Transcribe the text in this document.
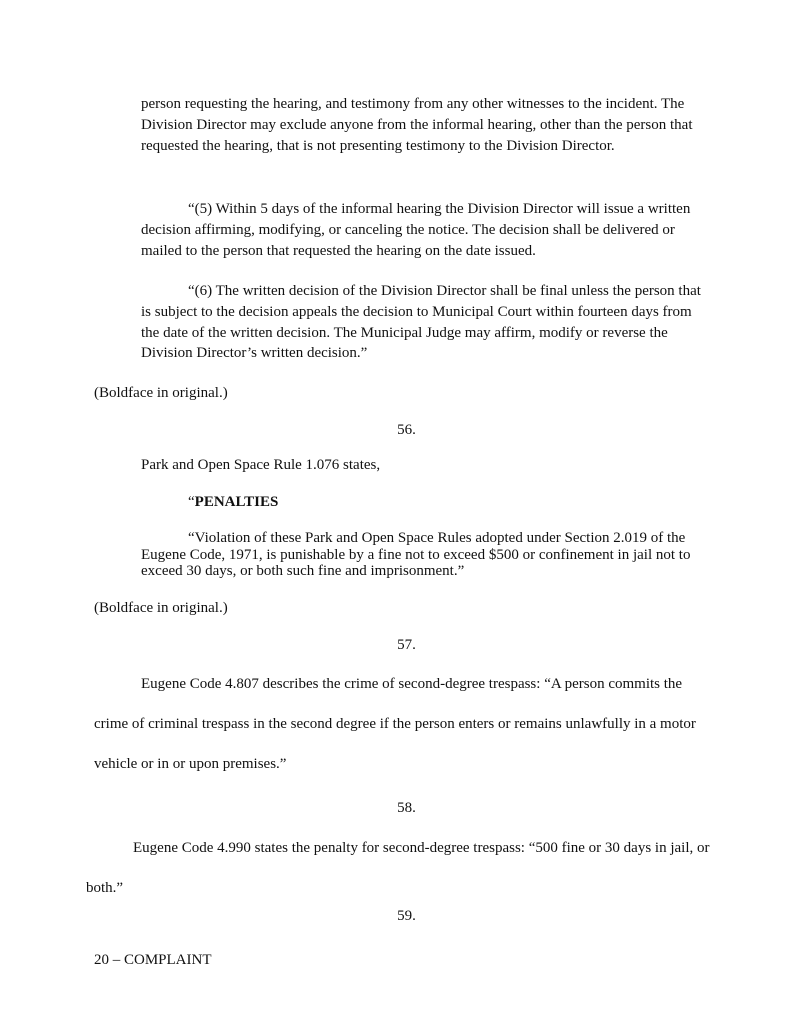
person requesting the hearing, and testimony from any other witnesses to the incident. The Division Director may exclude anyone from the informal hearing, other than the person that requested the hearing, that is not presenting testimony to the Division Director.

“(5) Within 5 days of the informal hearing the Division Director will issue a written decision affirming, modifying, or canceling the notice. The decision shall be delivered or mailed to the person that requested the hearing on the date issued.

“(6) The written decision of the Division Director shall be final unless the person that is subject to the decision appeals the decision to Municipal Court within fourteen days from the date of the written decision. The Municipal Judge may affirm, modify or reverse the Division Director’s written decision.”

(Boldface in original.)

56.

Park and Open Space Rule 1.076 states,

“PENALTIES

“Violation of these Park and Open Space Rules adopted under Section 2.019 of the Eugene Code, 1971, is punishable by a fine not to exceed $500 or confinement in jail not to exceed 30 days, or both such fine and imprisonment.”

(Boldface in original.)

57.

Eugene Code 4.807 describes the crime of second-degree trespass: “A person commits the crime of criminal trespass in the second degree if the person enters or remains unlawfully in a motor vehicle or in or upon premises.”

58.

Eugene Code 4.990 states the penalty for second-degree trespass: “500 fine or 30 days in jail, or both.”

59.

20 – COMPLAINT
